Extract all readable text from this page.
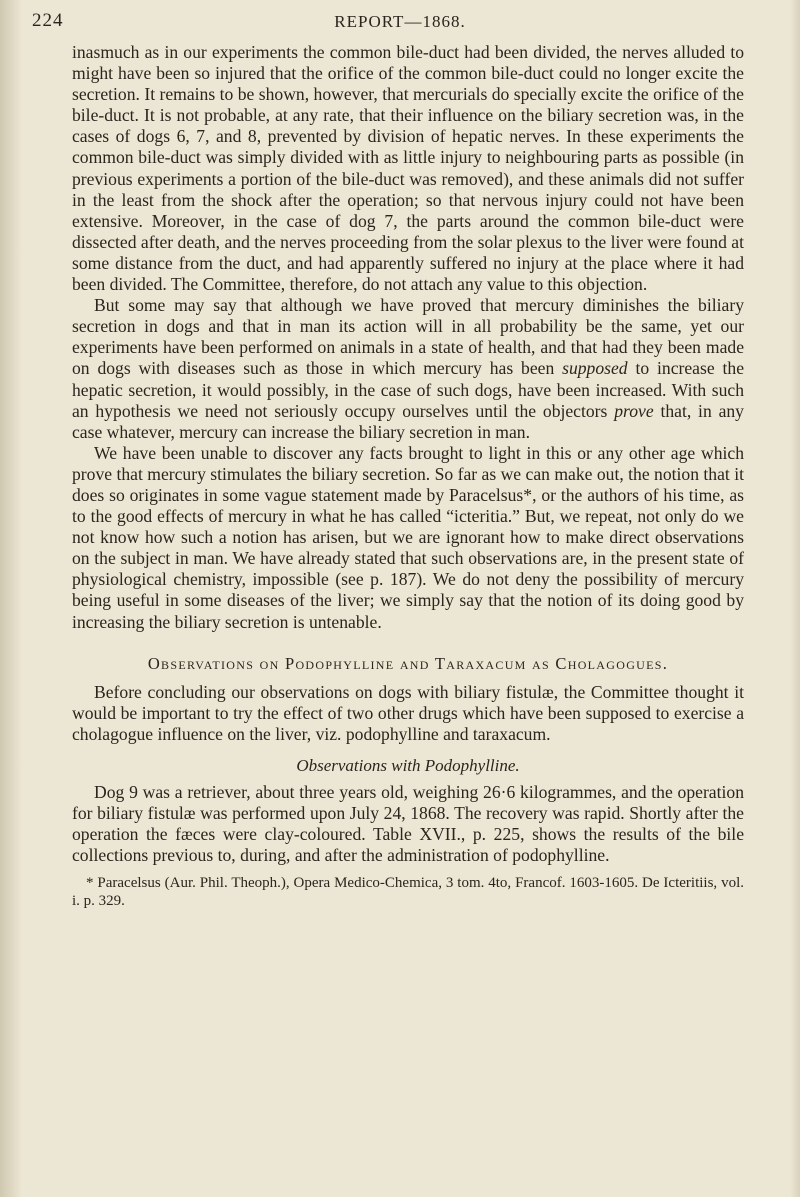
224	REPORT—1868.

inasmuch as in our experiments the common bile-duct had been divided, the nerves alluded to might have been so injured that the orifice of the common bile-duct could no longer excite the secretion. It remains to be shown, however, that mercurials do specially excite the orifice of the bile-duct. It is not probable, at any rate, that their influence on the biliary secretion was, in the cases of dogs 6, 7, and 8, prevented by division of hepatic nerves. In these experiments the common bile-duct was simply divided with as little injury to neighbouring parts as possible (in previous experiments a portion of the bile-duct was removed), and these animals did not suffer in the least from the shock after the operation; so that nervous injury could not have been extensive. Moreover, in the case of dog 7, the parts around the common bile-duct were dissected after death, and the nerves proceeding from the solar plexus to the liver were found at some distance from the duct, and had apparently suffered no injury at the place where it had been divided. The Committee, therefore, do not attach any value to this objection.

But some may say that although we have proved that mercury diminishes the biliary secretion in dogs and that in man its action will in all probability be the same, yet our experiments have been performed on animals in a state of health, and that had they been made on dogs with diseases such as those in which mercury has been supposed to increase the hepatic secretion, it would possibly, in the case of such dogs, have been increased. With such an hypothesis we need not seriously occupy ourselves until the objectors prove that, in any case whatever, mercury can increase the biliary secretion in man.

We have been unable to discover any facts brought to light in this or any other age which prove that mercury stimulates the biliary secretion. So far as we can make out, the notion that it does so originates in some vague statement made by Paracelsus*, or the authors of his time, as to the good effects of mercury in what he has called “icteritia.” But, we repeat, not only do we not know how such a notion has arisen, but we are ignorant how to make direct observations on the subject in man. We have already stated that such observations are, in the present state of physiological chemistry, impossible (see p. 187). We do not deny the possibility of mercury being useful in some diseases of the liver; we simply say that the notion of its doing good by increasing the biliary secretion is untenable.

Observations on Podophylline and Taraxacum as Cholagogues.

Before concluding our observations on dogs with biliary fistulæ, the Committee thought it would be important to try the effect of two other drugs which have been supposed to exercise a cholagogue influence on the liver, viz. podophylline and taraxacum.

Observations with Podophylline.

Dog 9 was a retriever, about three years old, weighing 26·6 kilogrammes, and the operation for biliary fistulæ was performed upon July 24, 1868. The recovery was rapid. Shortly after the operation the fæces were clay-coloured. Table XVII., p. 225, shows the results of the bile collections previous to, during, and after the administration of podophylline.

* Paracelsus (Aur. Phil. Theoph.), Opera Medico-Chemica, 3 tom. 4to, Francof. 1603-1605. De Icteritiis, vol. i. p. 329.
